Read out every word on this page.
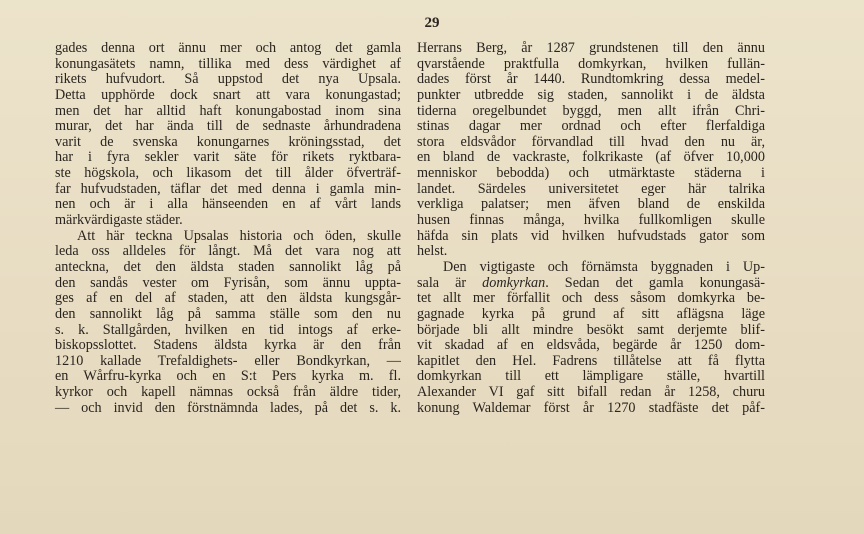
29
gades denna ort ännu mer och antog det gamla
konungasätets namn, tillika med dess värdighet af
rikets hufvudort. Så uppstod det nya Upsala.
Detta upphörde dock snart att vara konungastad;
men det har alltid haft konungabostad inom sina
murar, det har ända till de sednaste århundradena
varit de svenska konungarnes kröningsstad, det
har i fyra sekler varit säte för rikets ryktbara-
ste högskola, och likasom det till ålder öfverträf-
far hufvudstaden, täflar det med denna i gamla min-
nen och är i alla hänseenden en af vårt lands
märkvärdigaste städer.
Att här teckna Upsalas historia och öden, skulle
leda oss alldeles för långt. Må det vara nog att
anteckna, det den äldsta staden sannolikt låg på
den sandås vester om Fyrisån, som ännu uppta-
ges af en del af staden, att den äldsta kungsgår-
den sannolikt låg på samma ställe som den nu
s. k. Stallgården, hvilken en tid intogs af erke-
biskopsslottet. Stadens äldsta kyrka är den från
1210 kallade Trefaldighets- eller Bondkyrkan, —
en Wårfru-kyrka och en S:t Pers kyrka m. fl.
kyrkor och kapell nämnas också från äldre tider,
— och invid den förstnämnda lades, på det s. k.
Herrans Berg, år 1287 grundstenen till den ännu
qvarstående praktfulla domkyrkan, hvilken fullän-
dades först år 1440. Rundtomkring dessa medel-
punkter utbredde sig staden, sannolikt i de äldsta
tiderna oregelbundet byggd, men allt ifrån Chri-
stinas dagar mer ordnad och efter flerfaldiga
stora eldsvådor förvandlad till hvad den nu är,
en bland de vackraste, folkrikaste (af öfver 10,000
menniskor bebodda) och utmärktaste städerna i
landet. Särdeles universitetet eger här talrika
verkliga palatser; men äfven bland de enskilda
husen finnas många, hvilka fullkomligen skulle
häfda sin plats vid hvilken hufvudstads gator som
helst.
Den vigtigaste och förnämsta byggnaden i Up-
sala är domkyrkan. Sedan det gamla konungasä-
tet allt mer förfallit och dess såsom domkyrka be-
gagnade kyrka på grund af sitt aflägsna läge
började bli allt mindre besökt samt derjemte blif-
vit skadad af en eldsvåda, begärde år 1250 dom-
kapitlet den Hel. Fadrens tillåtelse att få flytta
domkyrkan till ett lämpligare ställe, hvartill
Alexander VI gaf sitt bifall redan år 1258, churu
konung Waldemar först år 1270 stadfäste det påf-
